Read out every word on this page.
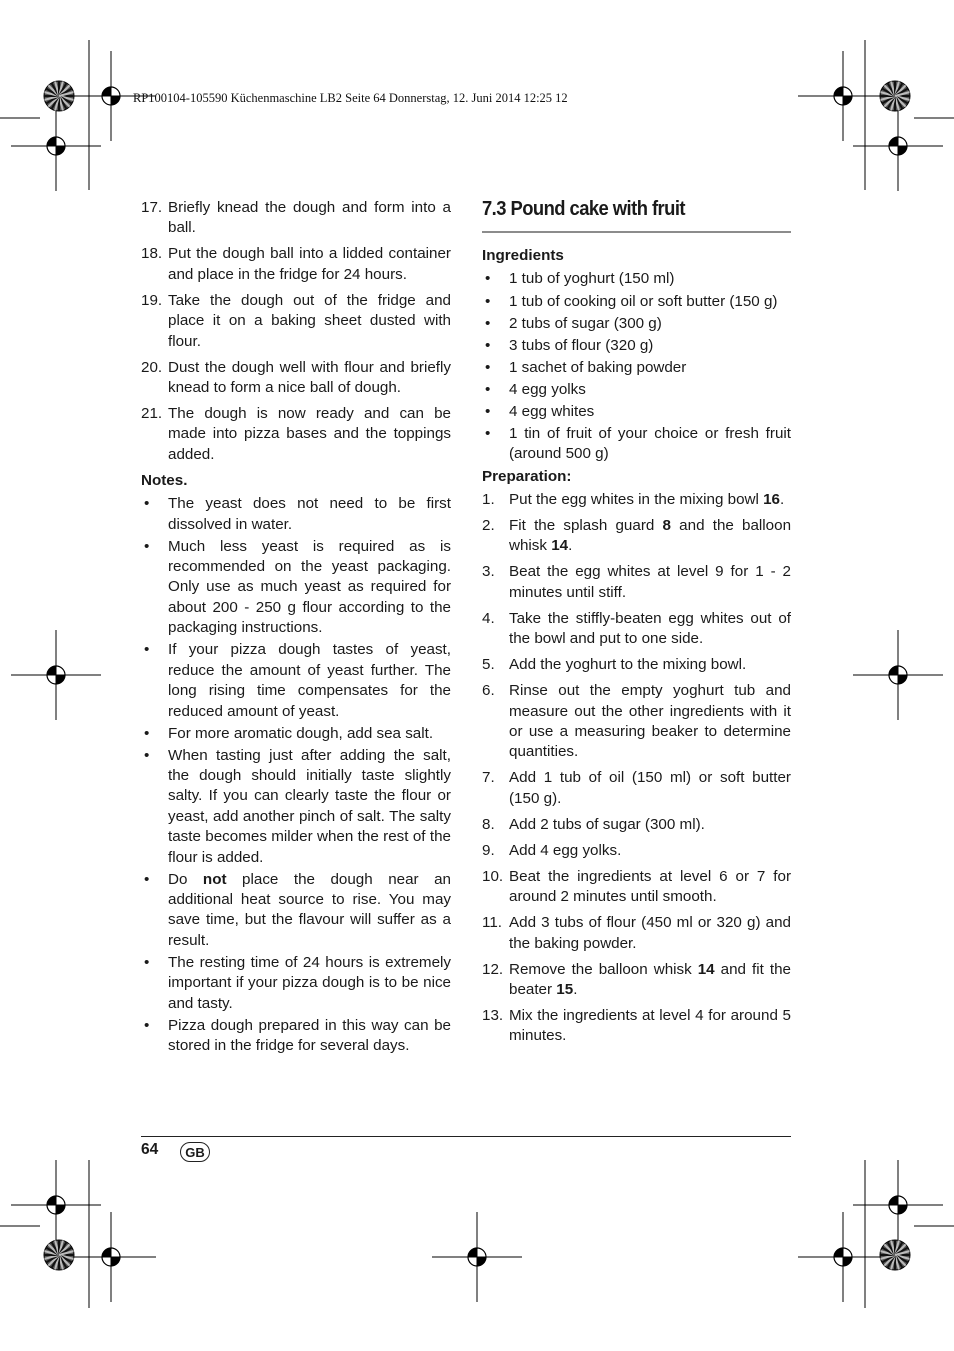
RP100104-105590 Küchenmaschine LB2 Seite 64 Donnerstag, 12. Juni 2014 12:25 12
17. Briefly knead the dough and form into a ball.
18. Put the dough ball into a lidded container and place in the fridge for 24 hours.
19. Take the dough out of the fridge and place it on a baking sheet dusted with flour.
20. Dust the dough well with flour and briefly knead to form a nice ball of dough.
21. The dough is now ready and can be made into pizza bases and the toppings added.
Notes.
•	The yeast does not need to be first dissolved in water.
•	Much less yeast is required as is recommended on the yeast packaging. Only use as much yeast as required for about 200 - 250 g flour according to the packaging instructions.
•	If your pizza dough tastes of yeast, reduce the amount of yeast further. The long rising time compensates for the reduced amount of yeast.
•	For more aromatic dough, add sea salt.
•	When tasting just after adding the salt, the dough should initially taste slightly salty. If you can clearly taste the flour or yeast, add another pinch of salt. The salty taste becomes milder when the rest of the flour is added.
•	Do not place the dough near an additional heat source to rise. You may save time, but the flavour will suffer as a result.
•	The resting time of 24 hours is extremely important if your pizza dough is to be nice and tasty.
•	Pizza dough prepared in this way can be stored in the fridge for several days.
7.3 Pound cake with fruit
Ingredients
•	1 tub of yoghurt (150 ml)
•	1 tub of cooking oil or soft butter (150 g)
•	2 tubs of sugar (300 g)
•	3 tubs of flour (320 g)
•	1 sachet of baking powder
•	4 egg yolks
•	4 egg whites
•	1 tin of fruit of your choice or fresh fruit (around 500 g)
Preparation:
1. Put the egg whites in the mixing bowl 16.
2. Fit the splash guard 8 and the balloon whisk 14.
3. Beat the egg whites at level 9 for 1 - 2 minutes until stiff.
4. Take the stiffly-beaten egg whites out of the bowl and put to one side.
5. Add the yoghurt to the mixing bowl.
6. Rinse out the empty yoghurt tub and measure out the other ingredients with it or use a measuring beaker to determine quantities.
7. Add 1 tub of oil (150 ml) or soft butter (150 g).
8. Add 2 tubs of sugar (300 ml).
9. Add 4 egg yolks.
10. Beat the ingredients at level 6 or 7 for around 2 minutes until smooth.
11. Add 3 tubs of flour (450 ml or 320 g) and the baking powder.
12. Remove the balloon whisk 14 and fit the beater 15.
13. Mix the ingredients at level 4 for around 5 minutes.
64	GB
